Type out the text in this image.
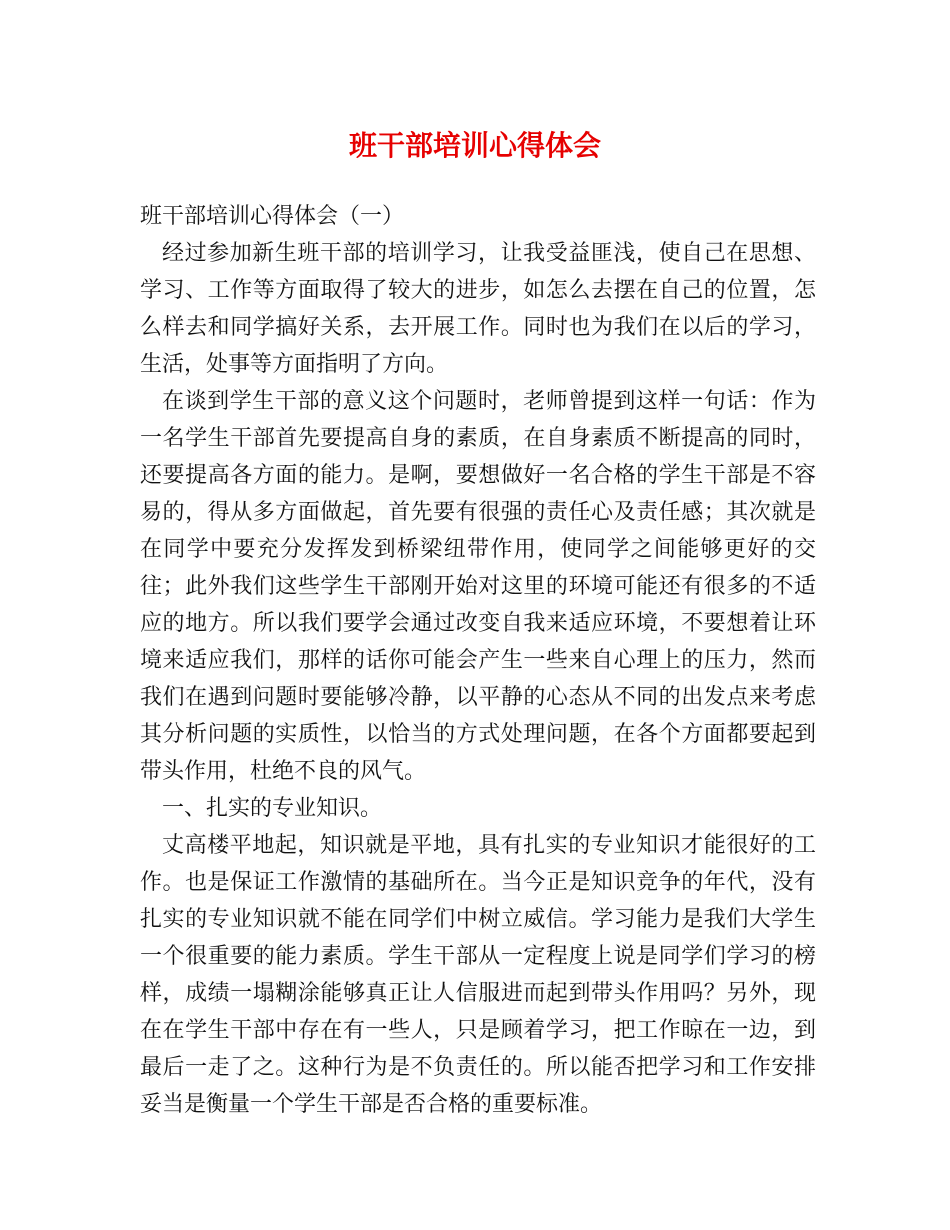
班干部培训心得体会

班干部培训心得体会（一）

经过参加新生班干部的培训学习，让我受益匪浅，使自己在思想、学习、工作等方面取得了较大的进步，如怎么去摆在自己的位置，怎么样去和同学搞好关系，去开展工作。同时也为我们在以后的学习，生活，处事等方面指明了方向。

在谈到学生干部的意义这个问题时，老师曾提到这样一句话：作为一名学生干部首先要提高自身的素质，在自身素质不断提高的同时，还要提高各方面的能力。是啊，要想做好一名合格的学生干部是不容易的，得从多方面做起，首先要有很强的责任心及责任感；其次就是在同学中要充分发挥发到桥梁纽带作用，使同学之间能够更好的交往；此外我们这些学生干部刚开始对这里的环境可能还有很多的不适应的地方。所以我们要学会通过改变自我来适应环境，不要想着让环境来适应我们，那样的话你可能会产生一些来自心理上的压力，然而我们在遇到问题时要能够冷静，以平静的心态从不同的出发点来考虑其分析问题的实质性，以恰当的方式处理问题，在各个方面都要起到带头作用，杜绝不良的风气。

一、扎实的专业知识。

丈高楼平地起，知识就是平地，具有扎实的专业知识才能很好的工作。也是保证工作激情的基础所在。当今正是知识竞争的年代，没有扎实的专业知识就不能在同学们中树立威信。学习能力是我们大学生一个很重要的能力素质。学生干部从一定程度上说是同学们学习的榜样，成绩一塌糊涂能够真正让人信服进而起到带头作用吗？另外，现在在学生干部中存在有一些人，只是顾着学习，把工作晾在一边，到最后一走了之。这种行为是不负责任的。所以能否把学习和工作安排妥当是衡量一个学生干部是否合格的重要标准。
